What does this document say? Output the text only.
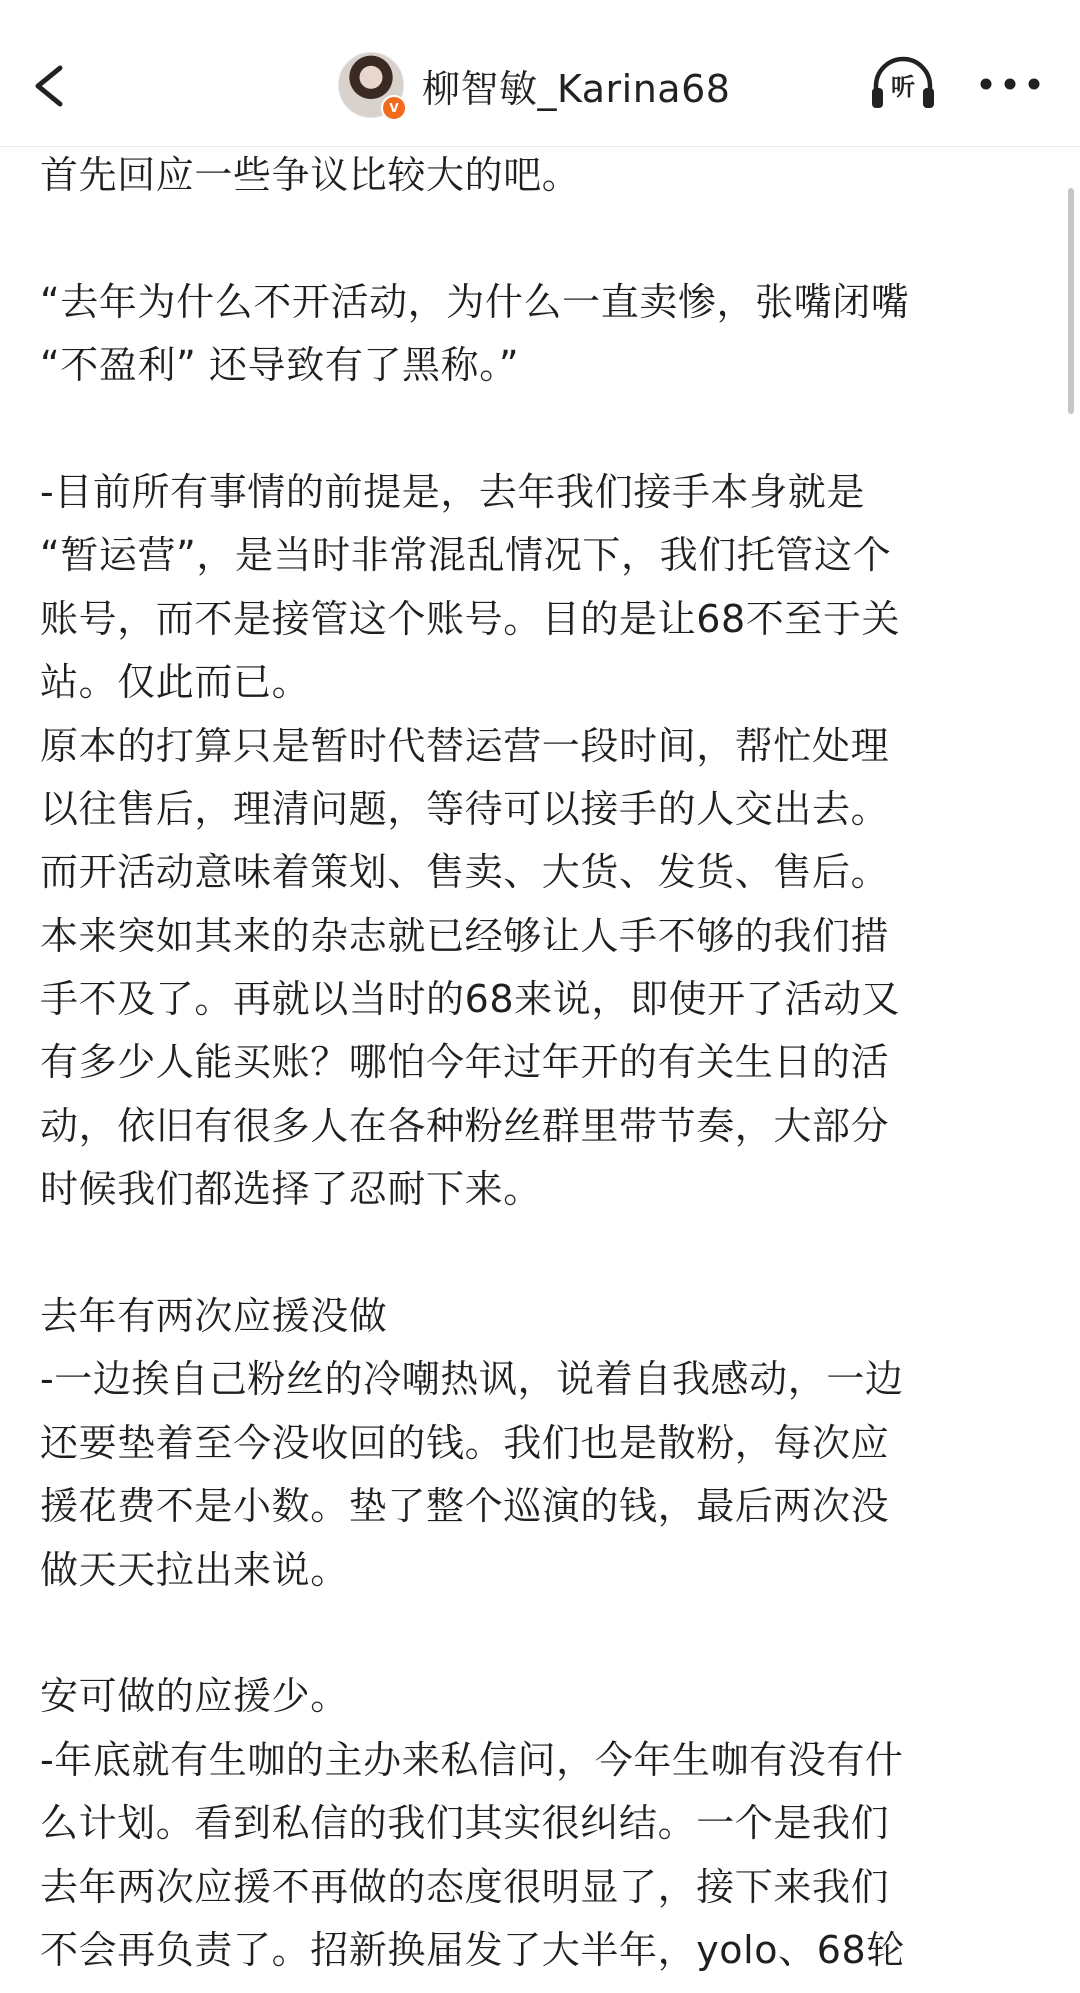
V 柳智敏_Karina68	听
首先回应一些争议比较大的吧。
“去年为什么不开活动，为什么一直卖惨，张嘴闭嘴
“不盈利” 还导致有了黑称。”
-目前所有事情的前提是，去年我们接手本身就是
“暂运营”，是当时非常混乱情况下，我们托管这个
账号，而不是接管这个账号。目的是让68不至于关
站。仅此而已。
原本的打算只是暂时代替运营一段时间，帮忙处理
以往售后，理清问题，等待可以接手的人交出去。
而开活动意味着策划、售卖、大货、发货、售后。
本来突如其来的杂志就已经够让人手不够的我们措
手不及了。再就以当时的68来说，即使开了活动又
有多少人能买账？哪怕今年过年开的有关生日的活
动，依旧有很多人在各种粉丝群里带节奏，大部分
时候我们都选择了忍耐下来。
去年有两次应援没做
-一边挨自己粉丝的冷嘲热讽，说着自我感动，一边
还要垫着至今没收回的钱。我们也是散粉，每次应
援花费不是小数。垫了整个巡演的钱，最后两次没
做天天拉出来说。
安可做的应援少。
-年底就有生咖的主办来私信问，今年生咖有没有什
么计划。看到私信的我们其实很纠结。一个是我们
去年两次应援不再做的态度很明显了，接下来我们
不会再负责了。招新换届发了大半年，yolo、68轮
